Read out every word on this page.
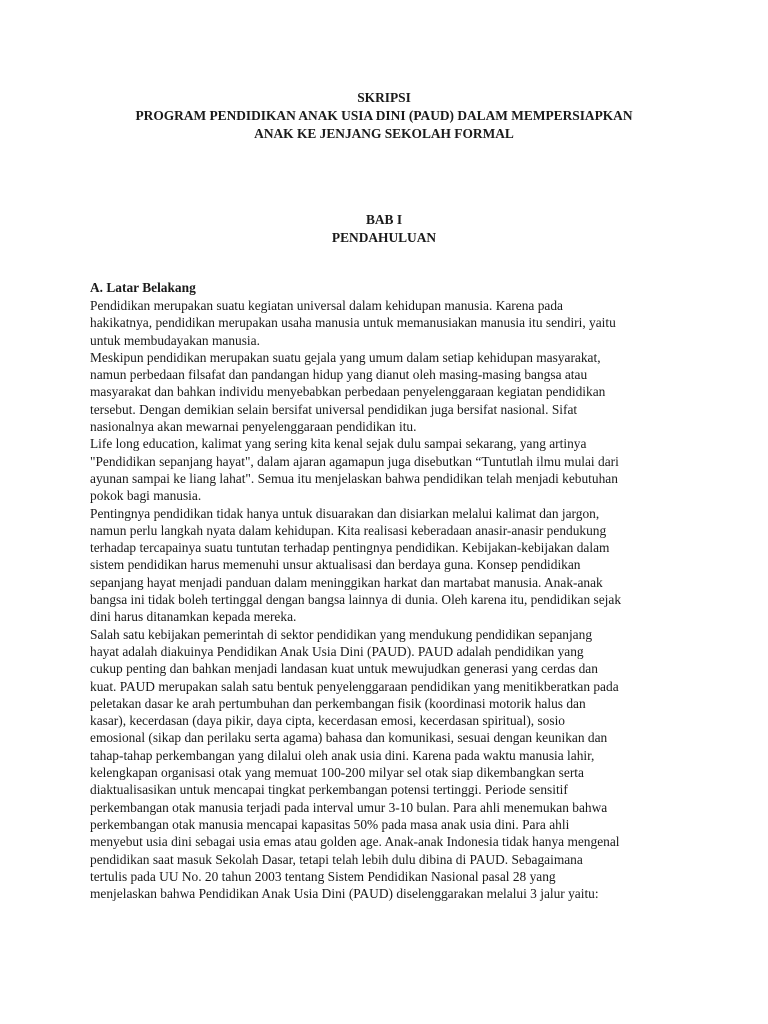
SKRIPSI
PROGRAM PENDIDIKAN ANAK USIA DINI (PAUD) DALAM MEMPERSIAPKAN
ANAK KE JENJANG SEKOLAH FORMAL
BAB I
PENDAHULUAN
A. Latar Belakang
Pendidikan merupakan suatu kegiatan universal dalam kehidupan manusia. Karena pada
hakikatnya, pendidikan merupakan usaha manusia untuk memanusiakan manusia itu sendiri, yaitu
untuk membudayakan manusia.
Meskipun pendidikan merupakan suatu gejala yang umum dalam setiap kehidupan masyarakat,
namun perbedaan filsafat dan pandangan hidup yang dianut oleh masing-masing bangsa atau
masyarakat dan bahkan individu menyebabkan perbedaan penyelenggaraan kegiatan pendidikan
tersebut. Dengan demikian selain bersifat universal pendidikan juga bersifat nasional. Sifat
nasionalnya akan mewarnai penyelenggaraan pendidikan itu.
Life long education, kalimat yang sering kita kenal sejak dulu sampai sekarang, yang artinya
"Pendidikan sepanjang hayat", dalam ajaran agamapun juga disebutkan “Tuntutlah ilmu mulai dari
ayunan sampai ke liang lahat". Semua itu menjelaskan bahwa pendidikan telah menjadi kebutuhan
pokok bagi manusia.
Pentingnya pendidikan tidak hanya untuk disuarakan dan disiarkan melalui kalimat dan jargon,
namun perlu langkah nyata dalam kehidupan. Kita realisasi keberadaan anasir-anasir pendukung
terhadap tercapainya suatu tuntutan terhadap pentingnya pendidikan. Kebijakan-kebijakan dalam
sistem pendidikan harus memenuhi unsur aktualisasi dan berdaya guna. Konsep pendidikan
sepanjang hayat menjadi panduan dalam meninggikan harkat dan martabat manusia. Anak-anak
bangsa ini tidak boleh tertinggal dengan bangsa lainnya di dunia. Oleh karena itu, pendidikan sejak
dini harus ditanamkan kepada mereka.
Salah satu kebijakan pemerintah di sektor pendidikan yang mendukung pendidikan sepanjang
hayat adalah diakuinya Pendidikan Anak Usia Dini (PAUD). PAUD adalah pendidikan yang
cukup penting dan bahkan menjadi landasan kuat untuk mewujudkan generasi yang cerdas dan
kuat. PAUD merupakan salah satu bentuk penyelenggaraan pendidikan yang menitikberatkan pada
peletakan dasar ke arah pertumbuhan dan perkembangan fisik (koordinasi motorik halus dan
kasar), kecerdasan (daya pikir, daya cipta, kecerdasan emosi, kecerdasan spiritual), sosio
emosional (sikap dan perilaku serta agama) bahasa dan komunikasi, sesuai dengan keunikan dan
tahap-tahap perkembangan yang dilalui oleh anak usia dini. Karena pada waktu manusia lahir,
kelengkapan organisasi otak yang memuat 100-200 milyar sel otak siap dikembangkan serta
diaktualisasikan untuk mencapai tingkat perkembangan potensi tertinggi. Periode sensitif
perkembangan otak manusia terjadi pada interval umur 3-10 bulan. Para ahli menemukan bahwa
perkembangan otak manusia mencapai kapasitas 50% pada masa anak usia dini. Para ahli
menyebut usia dini sebagai usia emas atau golden age. Anak-anak Indonesia tidak hanya mengenal
pendidikan saat masuk Sekolah Dasar, tetapi telah lebih dulu dibina di PAUD. Sebagaimana
tertulis pada UU No. 20 tahun 2003 tentang Sistem Pendidikan Nasional pasal 28 yang
menjelaskan bahwa Pendidikan Anak Usia Dini (PAUD) diselenggarakan melalui 3 jalur yaitu:
